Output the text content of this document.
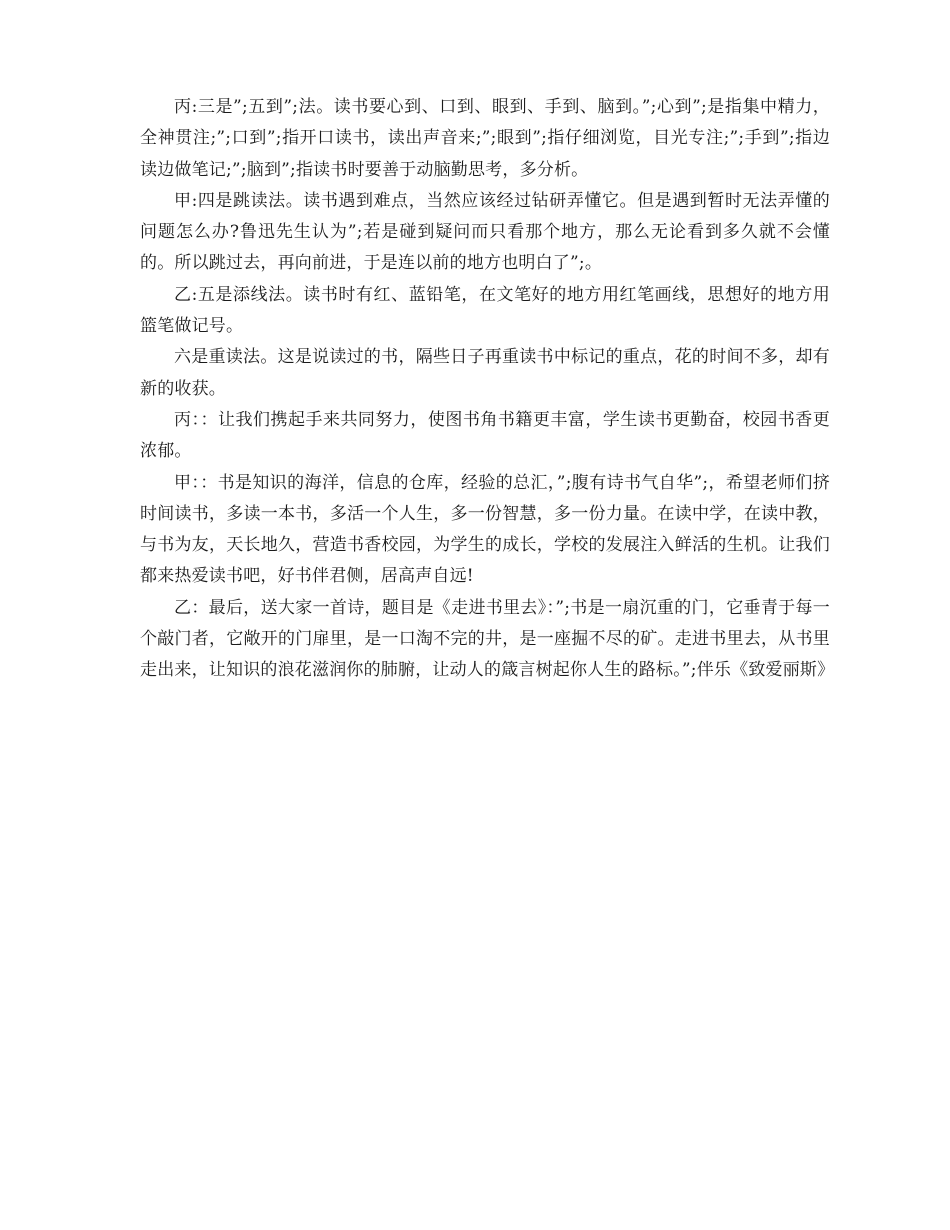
丙:三是”;五到”;法。读书要心到、口到、眼到、手到、脑到。”;心到”;是指集中精力，全神贯注;”;口到”;指开口读书，读出声音来;”;眼到”;指仔细浏览，目光专注;”;手到”;指边读边做笔记;”;脑到”;指读书时要善于动脑勤思考，多分析。

甲:四是跳读法。读书遇到难点，当然应该经过钻研弄懂它。但是遇到暂时无法弄懂的问题怎么办?鲁迅先生认为”;若是碰到疑问而只看那个地方，那么无论看到多久就不会懂的。所以跳过去，再向前进，于是连以前的地方也明白了”;。

乙:五是添线法。读书时有红、蓝铅笔，在文笔好的地方用红笔画线，思想好的地方用篮笔做记号。

六是重读法。这是说读过的书，隔些日子再重读书中标记的重点，花的时间不多，却有新的收获。

丙：：让我们携起手来共同努力，使图书角书籍更丰富，学生读书更勤奋，校园书香更浓郁。

甲：：书是知识的海洋，信息的仓库，经验的总汇，”;腹有诗书气自华”;，希望老师们挤时间读书，多读一本书，多活一个人生，多一份智慧，多一份力量。在读中学，在读中教，与书为友，天长地久，营造书香校园，为学生的成长，学校的发展注入鲜活的生机。让我们都来热爱读书吧，好书伴君侧，居高声自远!

乙：最后，送大家一首诗，题目是《走进书里去》：”;书是一扇沉重的门，它垂青于每一个敲门者，它敞开的门扉里，是一口淘不完的井，是一座掘不尽的矿。走进书里去，从书里走出来，让知识的浪花滋润你的肺腑，让动人的箴言树起你人生的路标。”;伴乐《致爱丽斯》
